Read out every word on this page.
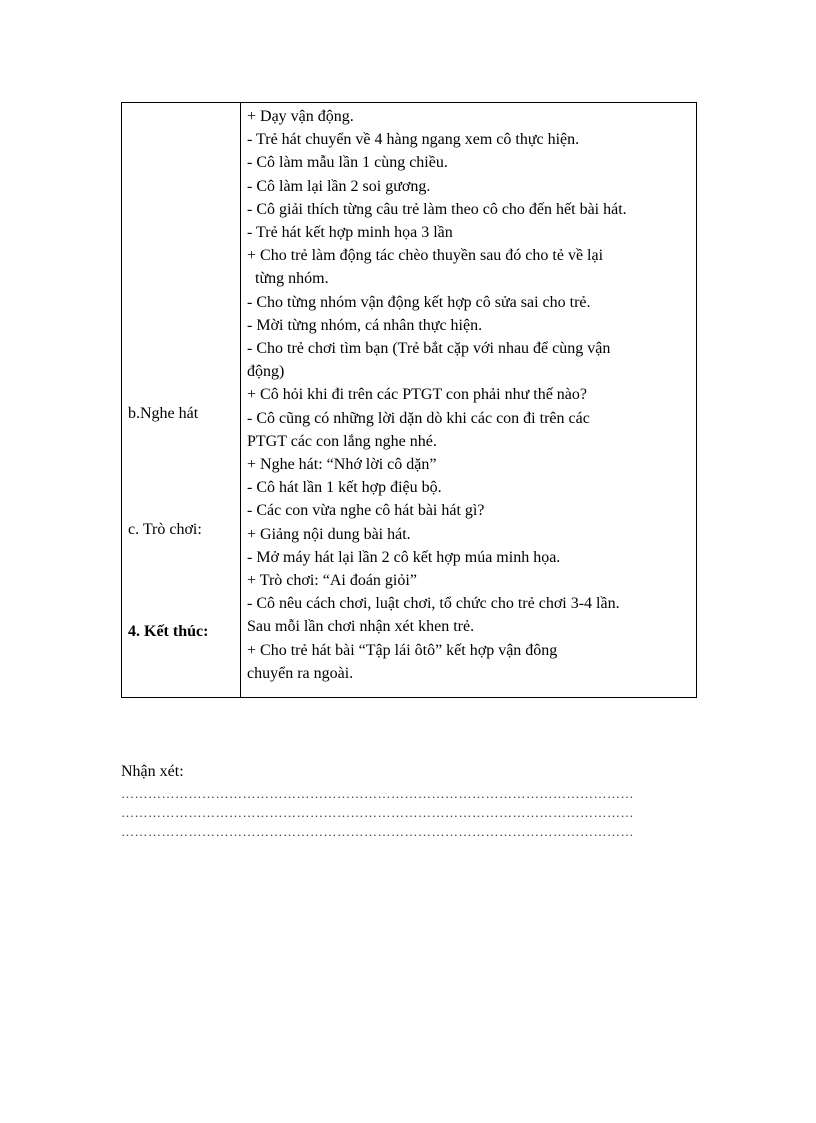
b.Nghe hát
c. Trò chơi:
4. Kết thúc:
+ Dạy vận động.
- Trẻ hát chuyển về 4 hàng ngang xem cô thực hiện.
- Cô làm mẫu lần 1 cùng chiều.
- Cô làm lại lần 2 soi gương.
- Cô giải thích từng câu trẻ làm theo cô cho đến hết bài hát.
- Trẻ hát kết hợp minh họa 3 lần
+ Cho trẻ làm động tác chèo thuyền sau đó cho tẻ về lại
từng nhóm.
- Cho từng nhóm vận động kết hợp cô sửa sai cho trẻ.
- Mời từng nhóm, cá nhân thực hiện.
- Cho trẻ chơi tìm bạn (Trẻ bắt cặp với nhau để cùng vận
động)
+ Cô hỏi khi đi trên các PTGT con phải như thế nào?
- Cô cũng có những lời dặn dò khi các con đi trên các
PTGT các con lắng nghe nhé.
+ Nghe hát: “Nhớ lời cô dặn”
- Cô hát lần 1 kết hợp điệu bộ.
- Các con vừa nghe cô hát bài hát gì?
+ Giảng nội dung bài hát.
- Mở máy hát lại lần 2 cô kết hợp múa minh họa.
+ Trò chơi: “Ai đoán giỏi”
- Cô nêu cách chơi, luật chơi, tổ chức cho trẻ chơi 3-4 lần.
Sau mỗi lần chơi nhận xét khen trẻ.
+ Cho trẻ hát bài “Tập lái ôtô” kết hợp vận đông
chuyển ra ngoài.
Nhận xét:
……………………………………………………………………………………………………
……………………………………………………………………………………………………
……………………………………………………………………………………………………
